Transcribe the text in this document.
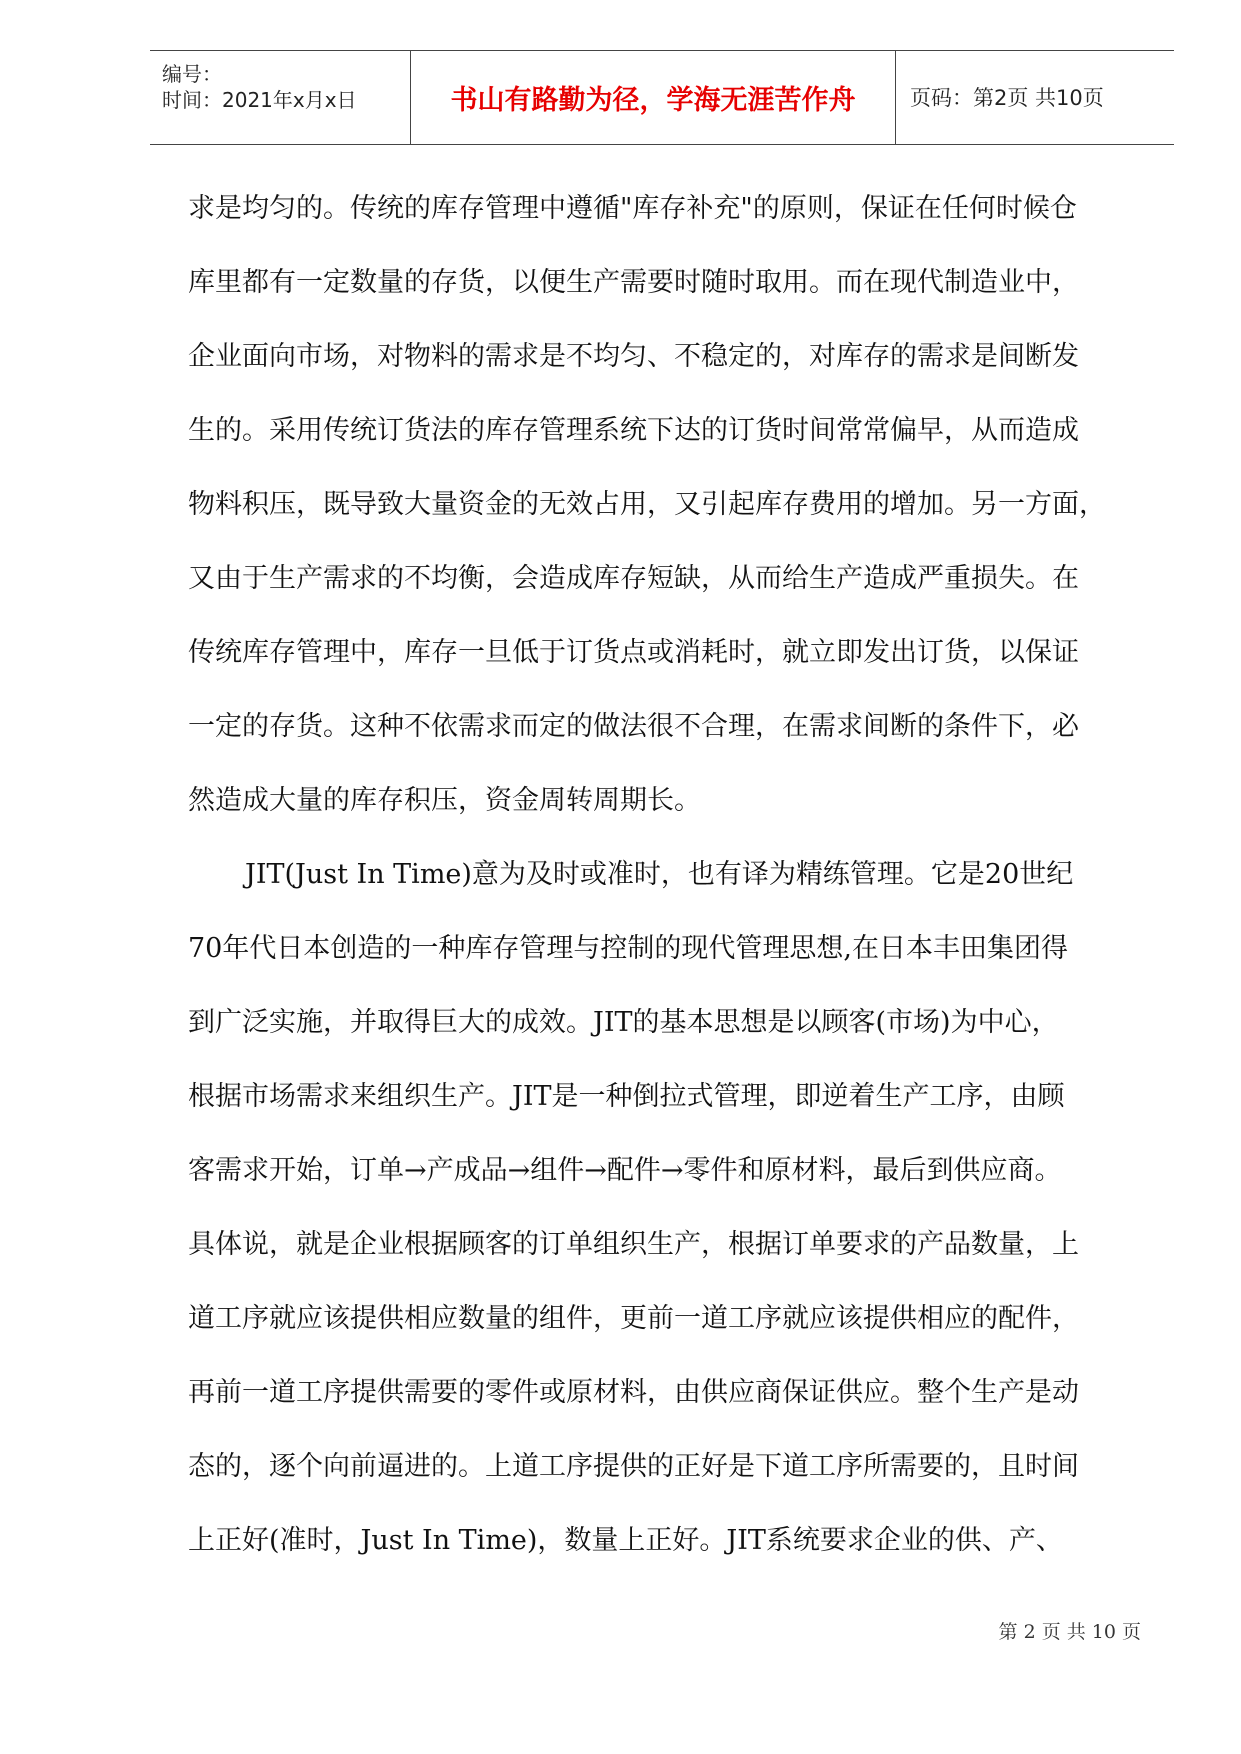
编号：
时间：2021年x月x日	书山有路勤为径，学海无涯苦作舟	页码：第2页 共10页
求是均匀的。传统的库存管理中遵循"库存补充"的原则，保证在任何时候仓
库里都有一定数量的存货，以便生产需要时随时取用。而在现代制造业中，
企业面向市场，对物料的需求是不均匀、不稳定的，对库存的需求是间断发
生的。采用传统订货法的库存管理系统下达的订货时间常常偏早，从而造成
物料积压，既导致大量资金的无效占用，又引起库存费用的增加。另一方面，
又由于生产需求的不均衡，会造成库存短缺，从而给生产造成严重损失。在
传统库存管理中，库存一旦低于订货点或消耗时，就立即发出订货，以保证
一定的存货。这种不依需求而定的做法很不合理，在需求间断的条件下，必
然造成大量的库存积压，资金周转周期长。
JIT(Just In Time)意为及时或准时，也有译为精练管理。它是20世纪
70年代日本创造的一种库存管理与控制的现代管理思想,在日本丰田集团得
到广泛实施，并取得巨大的成效。JIT的基本思想是以顾客(市场)为中心，
根据市场需求来组织生产。JIT是一种倒拉式管理，即逆着生产工序，由顾
客需求开始，订单→产成品→组件→配件→零件和原材料，最后到供应商。
具体说，就是企业根据顾客的订单组织生产，根据订单要求的产品数量，上
道工序就应该提供相应数量的组件，更前一道工序就应该提供相应的配件，
再前一道工序提供需要的零件或原材料，由供应商保证供应。整个生产是动
态的，逐个向前逼进的。上道工序提供的正好是下道工序所需要的，且时间
上正好(准时，Just In Time)，数量上正好。JIT系统要求企业的供、产、
第 2 页 共 10 页
